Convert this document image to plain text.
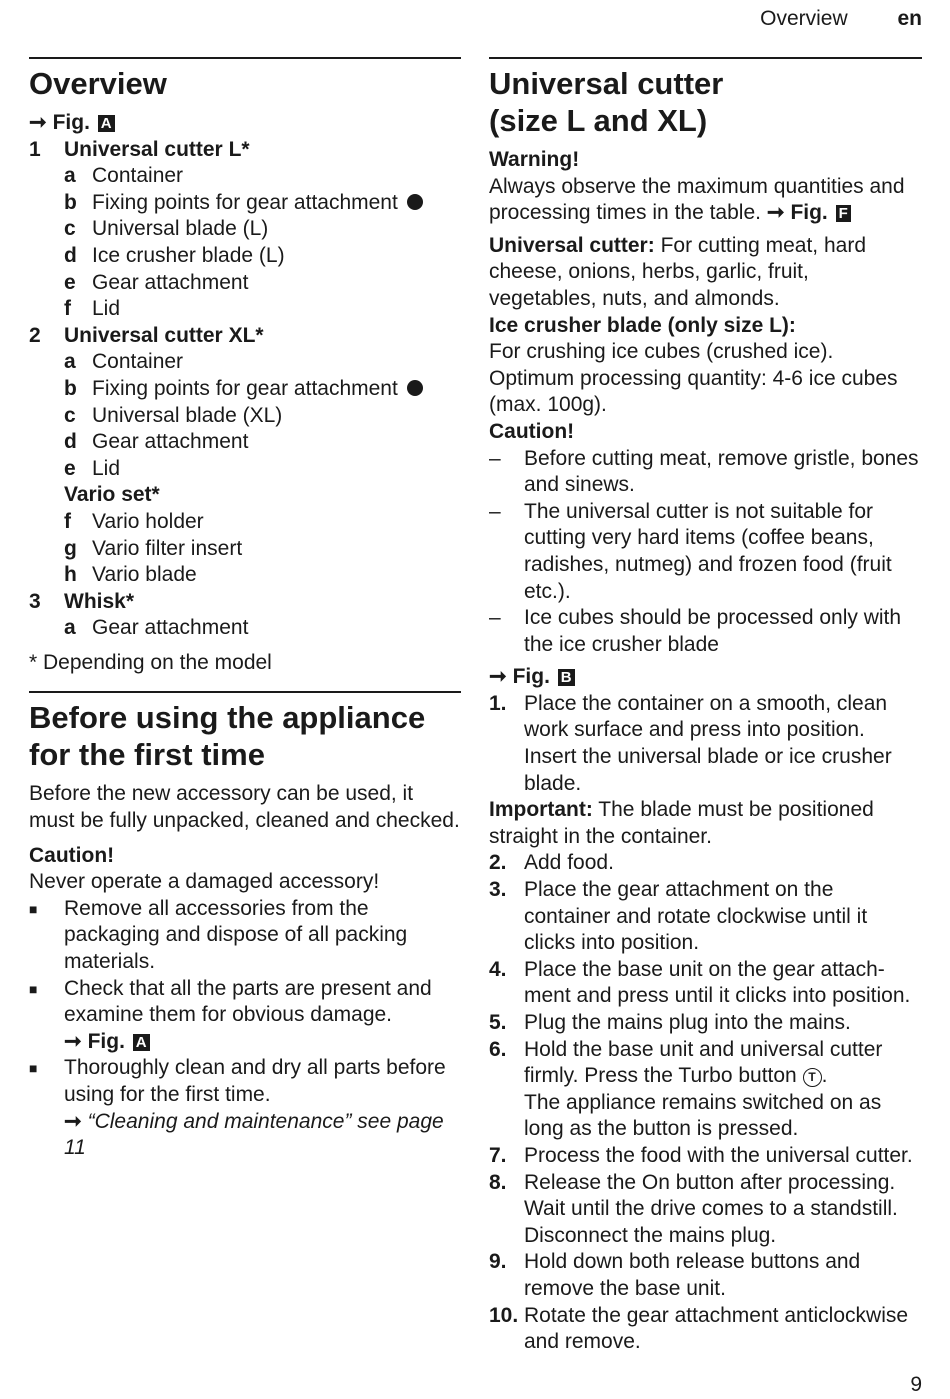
Overview en
Overview
➞ Fig. A
1	Universal cutter L*
a Container
b Fixing points for gear attachment
c Universal blade (L)
d Ice crusher blade (L)
e Gear attachment
f	Lid
2	Universal cutter XL*
a Container
b Fixing points for gear attachment
c Universal blade (XL)
d Gear attachment
e Lid
Vario set*
f	Vario holder
g Vario filter insert
h Vario blade
3	Whisk*
a Gear attachment
* Depending on the model
Before using the appliance for the first time

Before the new accessory can be used, it must be fully unpacked, cleaned and checked.

Caution!
Never operate a damaged accessory!
■	Remove all accessories from the packaging and dispose of all packing materials.
■	Check that all the parts are present and examine them for obvious damage.
➞ Fig. A
■	Thoroughly clean and dry all parts before using for the first time.
➞ “Cleaning and maintenance” see page 11
Universal cutter
(size L and XL)
Warning!
Always observe the maximum quantities and processing times in the table. ➞ Fig. F
Universal cutter: For cutting meat, hard cheese, onions, herbs, garlic, fruit, vegetables, nuts, and almonds.
Ice crusher blade (only size L):
For crushing ice cubes (crushed ice). Optimum processing quantity: 4-6 ice cubes (max. 100g).
Caution!
–	Before cutting meat, remove gristle, bones and sinews.
–	The universal cutter is not suitable for cutting very hard items (coffee beans, radishes, nutmeg) and frozen food (fruit etc.).
–	Ice cubes should be processed only with the ice crusher blade
➞ Fig. B
1. Place the container on a smooth, clean work surface and press into position. Insert the universal blade or ice crusher blade.
Important: The blade must be positioned straight in the container.
2. Add food.
3. Place the gear attachment on the container and rotate clockwise until it clicks into position.
4. Place the base unit on the gear attach-ment and press until it clicks into position.
5. Plug the mains plug into the mains.
6. Hold the base unit and universal cutter firmly. Press the Turbo button T .
The appliance remains switched on as long as the button is pressed.
7. Process the food with the universal cutter.
8. Release the On button after processing. Wait until the drive comes to a standstill. Disconnect the mains plug.
9. Hold down both release buttons and remove the base unit.
10. Rotate the gear attachment anticlockwise and remove.
9
